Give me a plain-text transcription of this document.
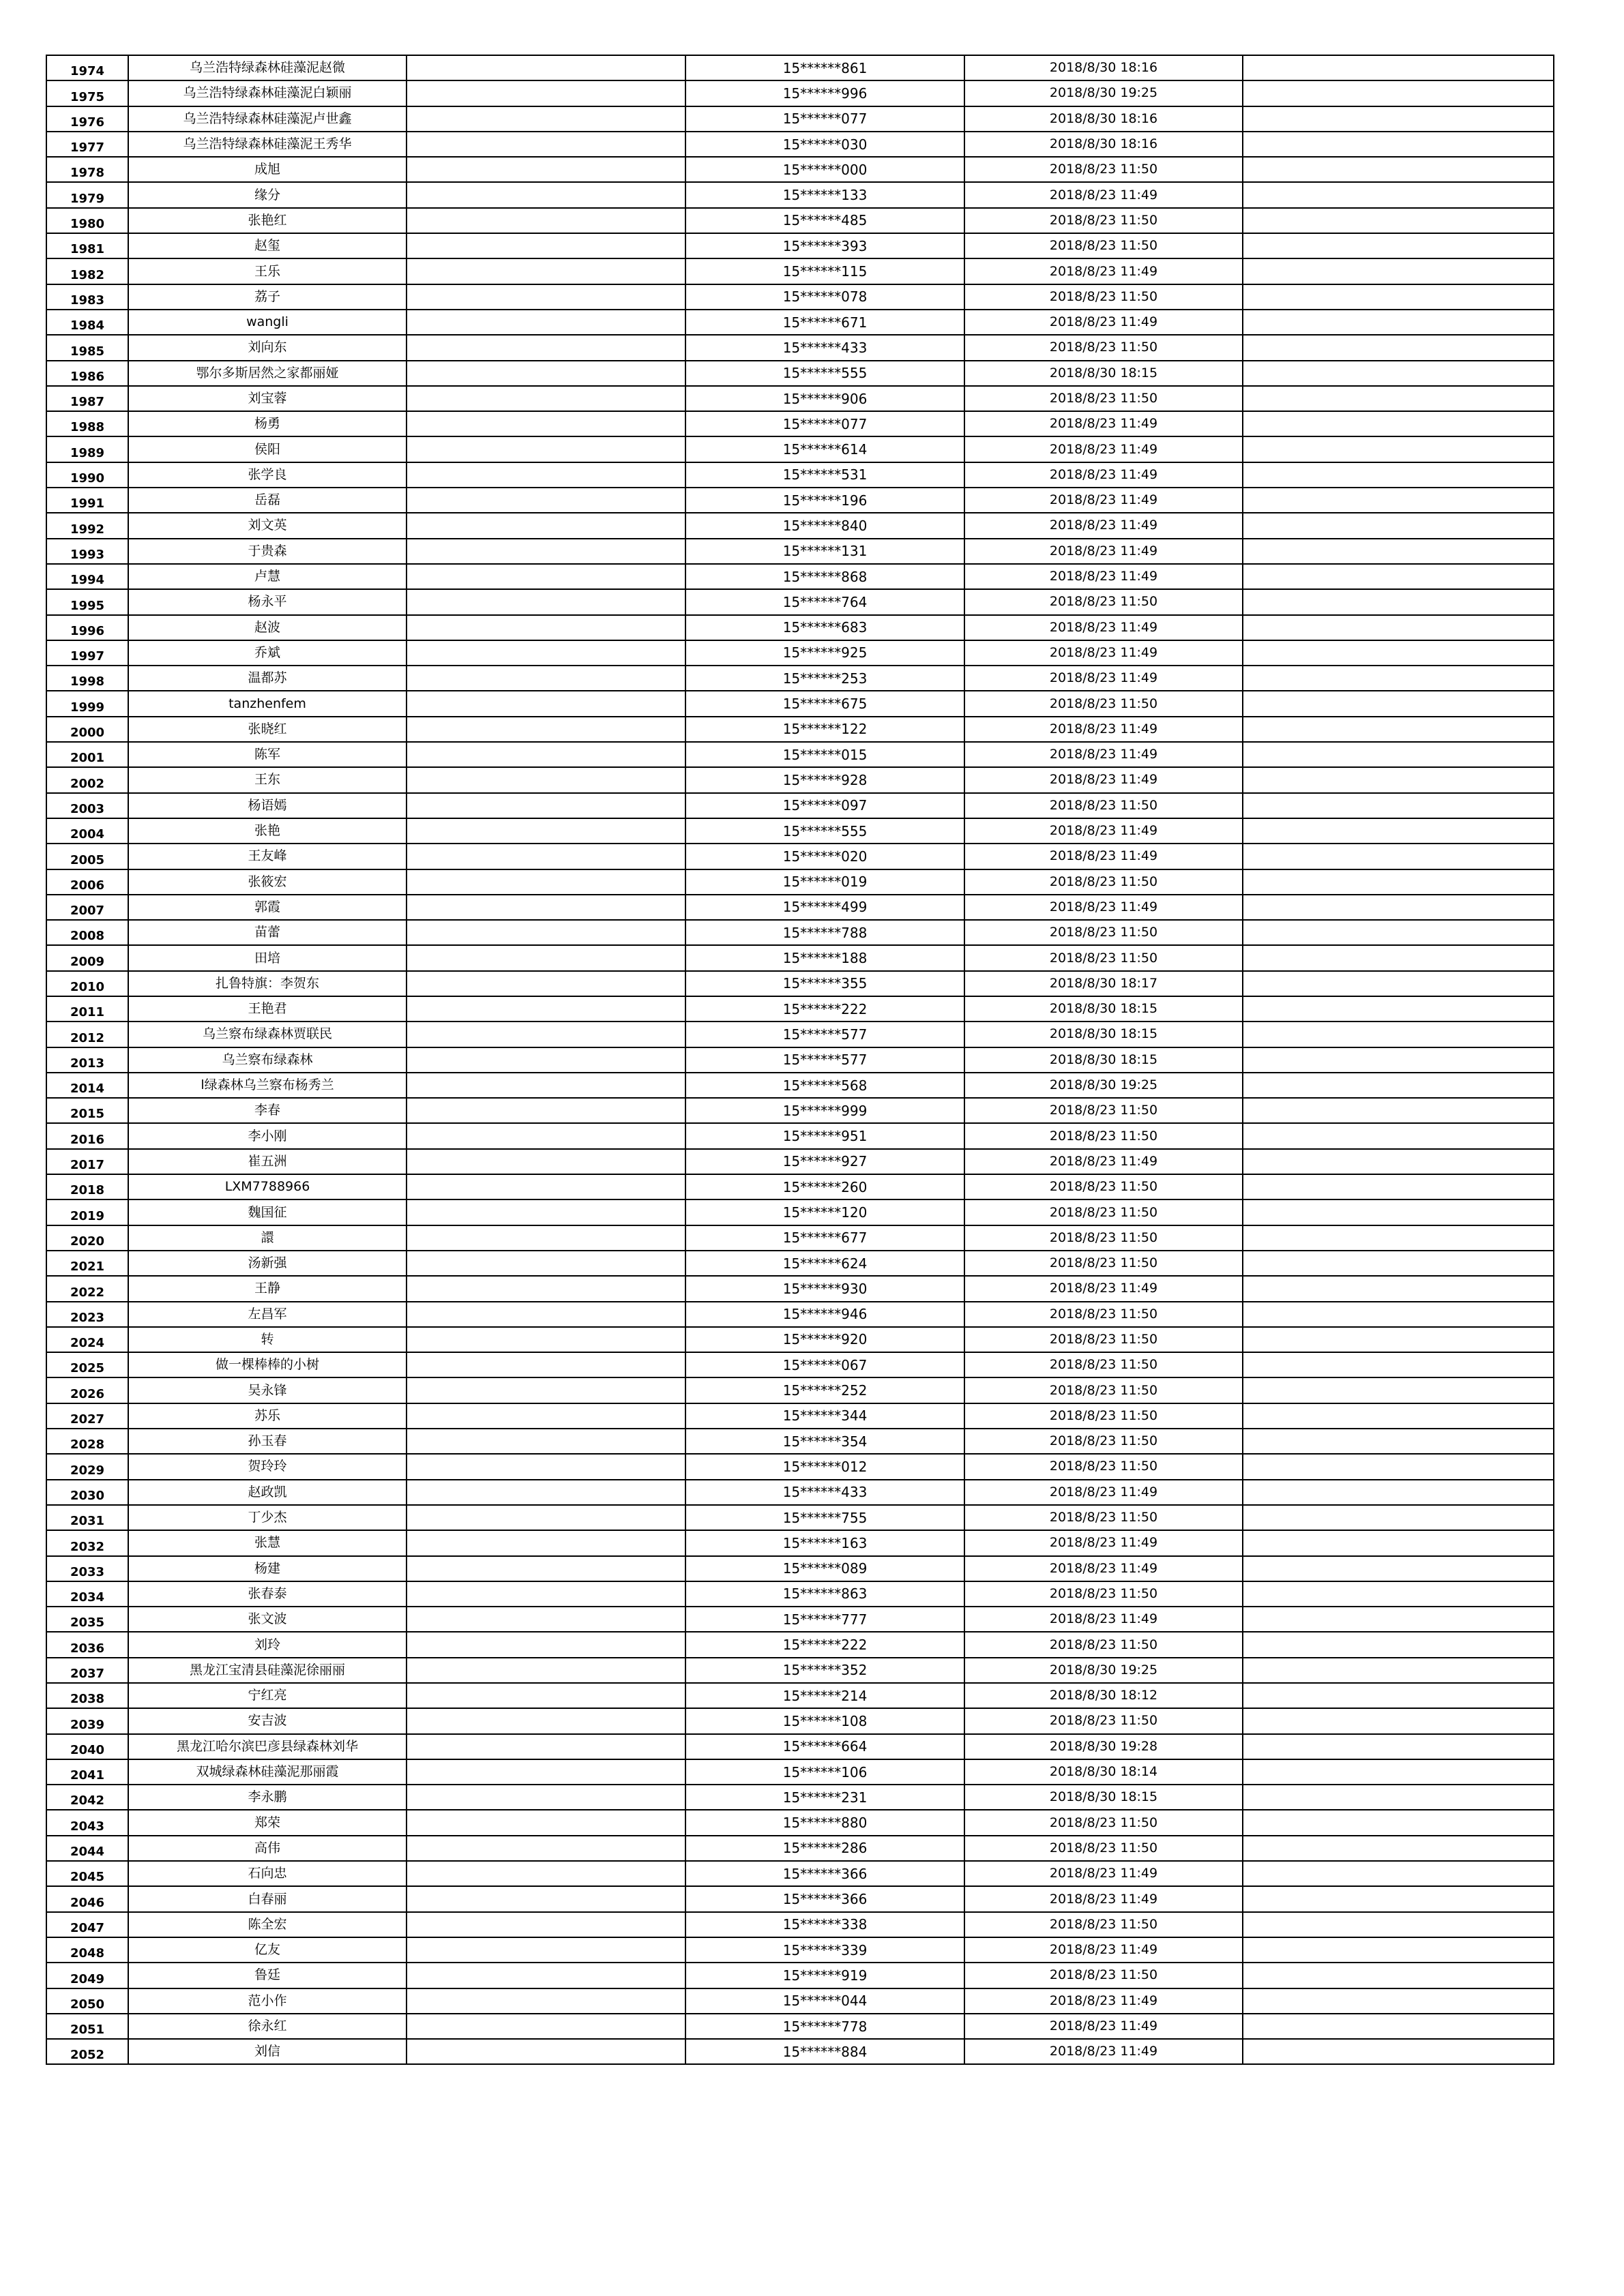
1974	乌兰浩特绿森林硅藻泥赵微		15******861	2018/8/30 18:16	
1975	乌兰浩特绿森林硅藻泥白颖丽		15******996	2018/8/30 19:25	
1976	乌兰浩特绿森林硅藻泥卢世鑫		15******077	2018/8/30 18:16	
1977	乌兰浩特绿森林硅藻泥王秀华		15******030	2018/8/30 18:16	
1978	成旭		15******000	2018/8/23 11:50	
1979	缘分		15******133	2018/8/23 11:49	
1980	张艳红		15******485	2018/8/23 11:50	
1981	赵玺		15******393	2018/8/23 11:50	
1982	王乐		15******115	2018/8/23 11:49	
1983	荔子		15******078	2018/8/23 11:50	
1984	wangli		15******671	2018/8/23 11:49	
1985	刘向东		15******433	2018/8/23 11:50	
1986	鄂尔多斯居然之家都丽娅		15******555	2018/8/30 18:15	
1987	刘宝蓉		15******906	2018/8/23 11:50	
1988	杨勇		15******077	2018/8/23 11:49	
1989	侯阳		15******614	2018/8/23 11:49	
1990	张学良		15******531	2018/8/23 11:49	
1991	岳磊		15******196	2018/8/23 11:49	
1992	刘文英		15******840	2018/8/23 11:49	
1993	于贵森		15******131	2018/8/23 11:49	
1994	卢慧		15******868	2018/8/23 11:49	
1995	杨永平		15******764	2018/8/23 11:50	
1996	赵波		15******683	2018/8/23 11:49	
1997	乔斌		15******925	2018/8/23 11:49	
1998	温都苏		15******253	2018/8/23 11:49	
1999	tanzhenfem		15******675	2018/8/23 11:50	
2000	张晓红		15******122	2018/8/23 11:49	
2001	陈军		15******015	2018/8/23 11:49	
2002	王东		15******928	2018/8/23 11:49	
2003	杨语嫣		15******097	2018/8/23 11:50	
2004	张艳		15******555	2018/8/23 11:49	
2005	王友峰		15******020	2018/8/23 11:49	
2006	张筱宏		15******019	2018/8/23 11:50	
2007	郭霞		15******499	2018/8/23 11:49	
2008	苗蕾		15******788	2018/8/23 11:50	
2009	田培		15******188	2018/8/23 11:50	
2010	扎鲁特旗：李贺东		15******355	2018/8/30 18:17	
2011	王艳君		15******222	2018/8/30 18:15	
2012	乌兰察布绿森林贾联民		15******577	2018/8/30 18:15	
2013	乌兰察布绿森林		15******577	2018/8/30 18:15	
2014	l绿森林乌兰察布杨秀兰		15******568	2018/8/30 19:25	
2015	李春		15******999	2018/8/23 11:50	
2016	李小刚		15******951	2018/8/23 11:50	
2017	崔五洲		15******927	2018/8/23 11:49	
2018	LXM7788966		15******260	2018/8/23 11:50	
2019	魏国征		15******120	2018/8/23 11:50	
2020	譞		15******677	2018/8/23 11:50	
2021	汤新强		15******624	2018/8/23 11:50	
2022	王静		15******930	2018/8/23 11:49	
2023	左昌军		15******946	2018/8/23 11:50	
2024	转		15******920	2018/8/23 11:50	
2025	做一棵棒棒的小树		15******067	2018/8/23 11:50	
2026	吴永锋		15******252	2018/8/23 11:50	
2027	苏乐		15******344	2018/8/23 11:50	
2028	孙玉春		15******354	2018/8/23 11:50	
2029	贺玲玲		15******012	2018/8/23 11:50	
2030	赵政凯		15******433	2018/8/23 11:49	
2031	丁少杰		15******755	2018/8/23 11:50	
2032	张慧		15******163	2018/8/23 11:49	
2033	杨建		15******089	2018/8/23 11:49	
2034	张春泰		15******863	2018/8/23 11:50	
2035	张文波		15******777	2018/8/23 11:49	
2036	刘玲		15******222	2018/8/23 11:50	
2037	黑龙江宝清县硅藻泥徐丽丽		15******352	2018/8/30 19:25	
2038	宁红亮		15******214	2018/8/30 18:12	
2039	安吉波		15******108	2018/8/23 11:50	
2040	黑龙江哈尔滨巴彦县绿森林刘华		15******664	2018/8/30 19:28	
2041	双城绿森林硅藻泥那丽霞		15******106	2018/8/30 18:14	
2042	李永鹏		15******231	2018/8/30 18:15	
2043	郑荣		15******880	2018/8/23 11:50	
2044	高伟		15******286	2018/8/23 11:50	
2045	石向忠		15******366	2018/8/23 11:49	
2046	白春丽		15******366	2018/8/23 11:49	
2047	陈全宏		15******338	2018/8/23 11:50	
2048	亿友		15******339	2018/8/23 11:49	
2049	鲁廷		15******919	2018/8/23 11:50	
2050	范小作		15******044	2018/8/23 11:49	
2051	徐永红		15******778	2018/8/23 11:49	
2052	刘信		15******884	2018/8/23 11:49	
